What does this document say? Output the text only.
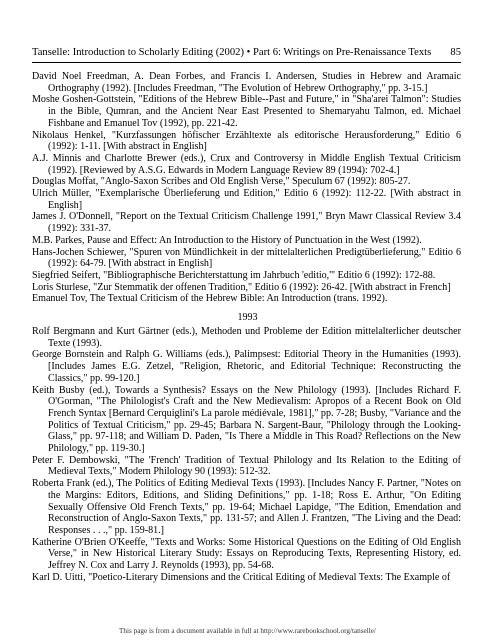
Tanselle: Introduction to Scholarly Editing (2002) • Part 6: Writings on Pre-Renaissance Texts 85

David Noel Freedman, A. Dean Forbes, and Francis I. Andersen, Studies in Hebrew and Aramaic Orthography (1992). [Includes Freedman, "The Evolution of Hebrew Orthography," pp. 3-15.]

Moshe Goshen-Gottstein, "Editions of the Hebrew Bible--Past and Future," in "Sha'arei Talmon": Studies in the Bible, Qumran, and the Ancient Near East Presented to Shemaryahu Talmon, ed. Michael Fishbane and Emanuel Tov (1992), pp. 221-42.

Nikolaus Henkel, "Kurzfassungen höfischer Erzähltexte als editorische Herausforderung," Editio 6 (1992): 1-11. [With abstract in English]

A.J. Minnis and Charlotte Brewer (eds.), Crux and Controversy in Middle English Textual Criticism (1992). [Reviewed by A.S.G. Edwards in Modern Language Review 89 (1994): 702-4.]

Douglas Moffat, "Anglo-Saxon Scribes and Old English Verse," Speculum 67 (1992): 805-27.

Ulrich Müller, "Exemplarische Überlieferung und Edition," Editio 6 (1992): 112-22. [With abstract in English]

James J. O'Donnell, "Report on the Textual Criticism Challenge 1991," Bryn Mawr Classical Review 3.4 (1992): 331-37.

M.B. Parkes, Pause and Effect: An Introduction to the History of Punctuation in the West (1992).

Hans-Jochen Schiewer, "Spuren von Mündlichkeit in der mittelalterlichen Predigtüberlieferung," Editio 6 (1992): 64-79. [With abstract in English]

Siegfried Seifert, "Bibliographische Berichterstattung im Jahrbuch 'editio,'" Editio 6 (1992): 172-88.

Loris Sturlese, "Zur Stemmatik der offenen Tradition," Editio 6 (1992): 26-42. [With abstract in French]

Emanuel Tov, The Textual Criticism of the Hebrew Bible: An Introduction (trans. 1992).

1993

Rolf Bergmann and Kurt Gärtner (eds.), Methoden und Probleme der Edition mittelalterlicher deutscher Texte (1993).

George Bornstein and Ralph G. Williams (eds.), Palimpsest: Editorial Theory in the Humanities (1993). [Includes James E.G. Zetzel, "Religion, Rhetoric, and Editorial Technique: Reconstructing the Classics," pp. 99-120.]

Keith Busby (ed.), Towards a Synthesis? Essays on the New Philology (1993). [Includes Richard F. O'Gorman, "The Philologist's Craft and the New Medievalism: Apropos of a Recent Book on Old French Syntax [Bernard Cerquiglini's La parole médiévale, 1981]," pp. 7-28; Busby, "Variance and the Politics of Textual Criticism," pp. 29-45; Barbara N. Sargent-Baur, "Philology through the Looking-Glass," pp. 97-118; and William D. Paden, "Is There a Middle in This Road? Reflections on the New Philology," pp. 119-30.]

Peter F. Dembowski, "The 'French' Tradition of Textual Philology and Its Relation to the Editing of Medieval Texts," Modern Philology 90 (1993): 512-32.

Roberta Frank (ed.), The Politics of Editing Medieval Texts (1993). [Includes Nancy F. Partner, "Notes on the Margins: Editors, Editions, and Sliding Definitions," pp. 1-18; Ross E. Arthur, "On Editing Sexually Offensive Old French Texts," pp. 19-64; Michael Lapidge, "The Edition, Emendation and Reconstruction of Anglo-Saxon Texts," pp. 131-57; and Allen J. Frantzen, "The Living and the Dead: Responses . . .," pp. 159-81.]

Katherine O'Brien O'Keeffe, "Texts and Works: Some Historical Questions on the Editing of Old English Verse," in New Historical Literary Study: Essays on Reproducing Texts, Representing History, ed. Jeffrey N. Cox and Larry J. Reynolds (1993), pp. 54-68.

Karl D. Uitti, "Poetico-Literary Dimensions and the Critical Editing of Medieval Texts: The Example of

This page is from a document available in full at http://www.rarebookschool.org/tanselle/
